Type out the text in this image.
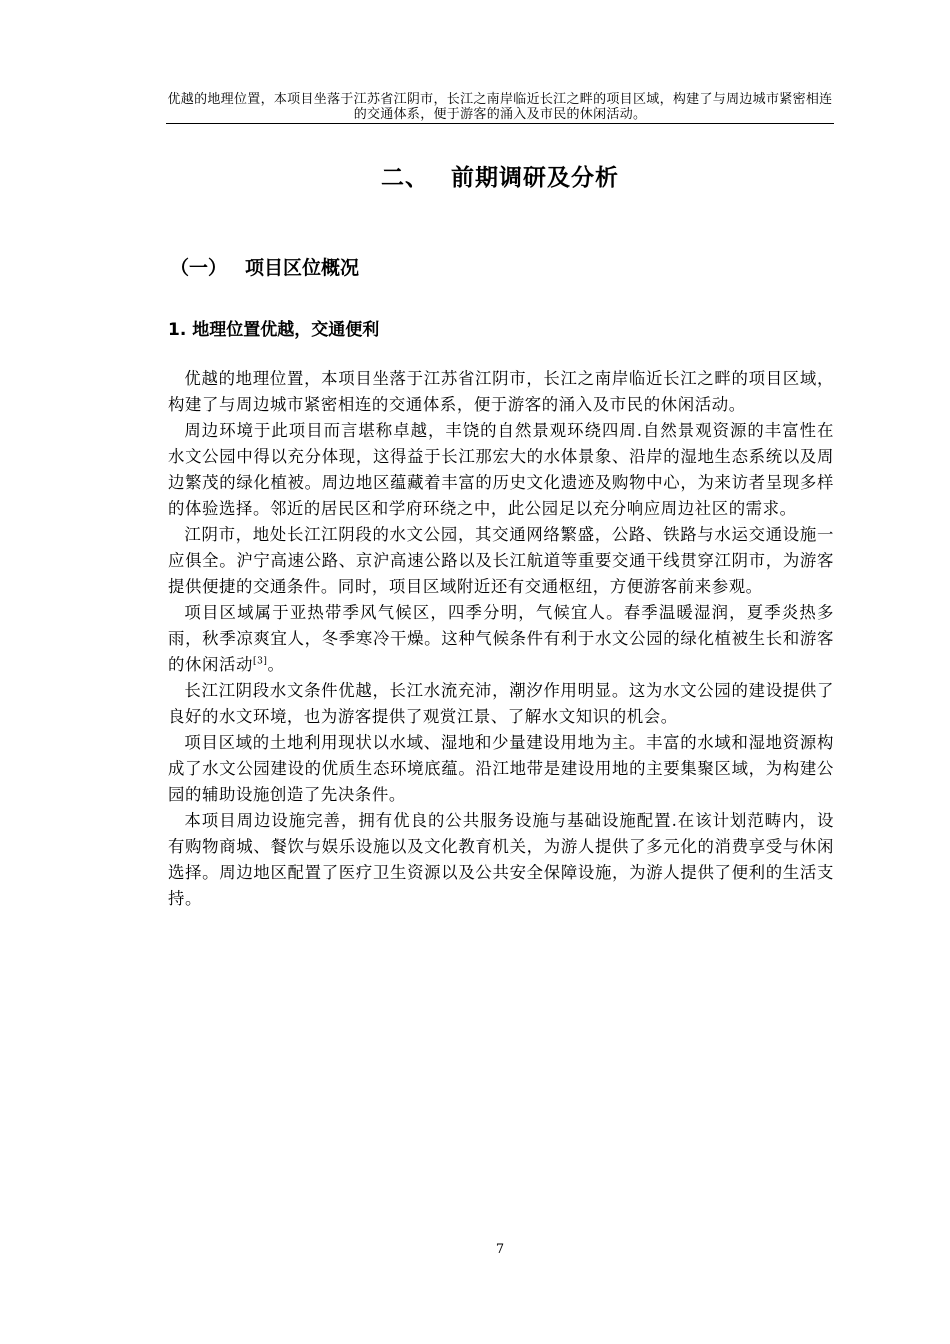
优越的地理位置，本项目坐落于江苏省江阴市，长江之南岸临近长江之畔的项目区域，构建了与周边城市紧密相连的交通体系，便于游客的涌入及市民的休闲活动。
二、 前期调研及分析
（一） 项目区位概况
1. 地理位置优越，交通便利

优越的地理位置，本项目坐落于江苏省江阴市，长江之南岸临近长江之畔的项目区域，构建了与周边城市紧密相连的交通体系，便于游客的涌入及市民的休闲活动。

周边环境于此项目而言堪称卓越，丰饶的自然景观环绕四周.自然景观资源的丰富性在水文公园中得以充分体现，这得益于长江那宏大的水体景象、沿岸的湿地生态系统以及周边繁茂的绿化植被。周边地区蕴藏着丰富的历史文化遗迹及购物中心，为来访者呈现多样的体验选择。邻近的居民区和学府环绕之中，此公园足以充分响应周边社区的需求。

江阴市，地处长江江阴段的水文公园，其交通网络繁盛，公路、铁路与水运交通设施一应俱全。沪宁高速公路、京沪高速公路以及长江航道等重要交通干线贯穿江阴市，为游客提供便捷的交通条件。同时，项目区域附近还有交通枢纽，方便游客前来参观。

项目区域属于亚热带季风气候区，四季分明，气候宜人。春季温暖湿润，夏季炎热多雨，秋季凉爽宜人，冬季寒冷干燥。这种气候条件有利于水文公园的绿化植被生长和游客的休闲活动[3]。

长江江阴段水文条件优越，长江水流充沛，潮汐作用明显。这为水文公园的建设提供了良好的水文环境，也为游客提供了观赏江景、了解水文知识的机会。

项目区域的土地利用现状以水域、湿地和少量建设用地为主。丰富的水域和湿地资源构成了水文公园建设的优质生态环境底蕴。沿江地带是建设用地的主要集聚区域，为构建公园的辅助设施创造了先决条件。

本项目周边设施完善，拥有优良的公共服务设施与基础设施配置.在该计划范畴内，设有购物商城、餐饮与娱乐设施以及文化教育机关，为游人提供了多元化的消费享受与休闲选择。周边地区配置了医疗卫生资源以及公共安全保障设施，为游人提供了便利的生活支持。

7
